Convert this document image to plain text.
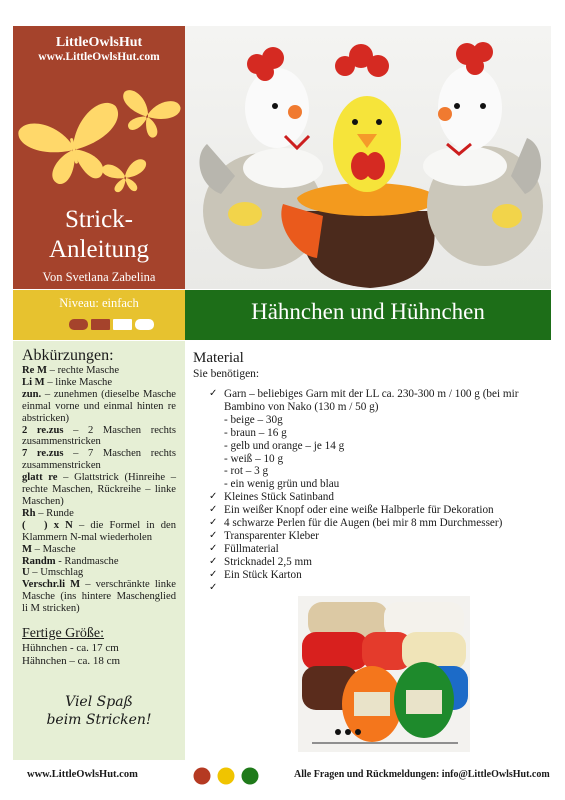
LittleOwlsHut
www.LittleOwlsHut.com
Strick-
Anleitung
Von Svetlana Zabelina
Niveau: einfach	Hähnchen und Hühnchen
Abkürzungen:
Re M – rechte Masche
Li M – linke Masche
zun. – zunehmen (dieselbe Masche einmal vorne und einmal hinten re abstricken)
2 re.zus – 2 Maschen rechts zusammenstricken
7 re.zus – 7 Maschen rechts zusammenstricken
glatt re – Glattstrick (Hinreihe – rechte Maschen, Rückreihe – linke Maschen)
Rh – Runde
(   ) x N – die Formel in den Klammern N-mal wiederholen
M – Masche
Randm - Randmasche
U – Umschlag
Verschr.li M – verschränkte linke Masche (ins hintere Maschenglied li M stricken)
Fertige Größe:
Hühnchen - ca. 17 cm
Hähnchen – ca. 18 cm
Viel Spaß
beim Stricken!
Material
Sie benötigen:
✓ Garn – beliebiges Garn mit der LL ca. 230-300 m / 100 g (bei mir Bambino von Nako (130 m / 50 g)
- beige – 30g
- braun – 16 g
- gelb und orange – je 14 g
- weiß – 10 g
- rot – 3 g
- ein wenig grün und blau
✓ Kleines Stück Satinband
✓ Ein weißer Knopf oder eine weiße Halbperle für Dekoration
✓ 4 schwarze Perlen für die Augen (bei mir 8 mm Durchmesser)
✓ Transparenter Kleber
✓ Füllmaterial
✓ Stricknadel 2,5 mm
✓ Ein Stück Karton
✓
www.LittleOwlsHut.com	Alle Fragen und Rückmeldungen: info@LittleOwlsHut.com
